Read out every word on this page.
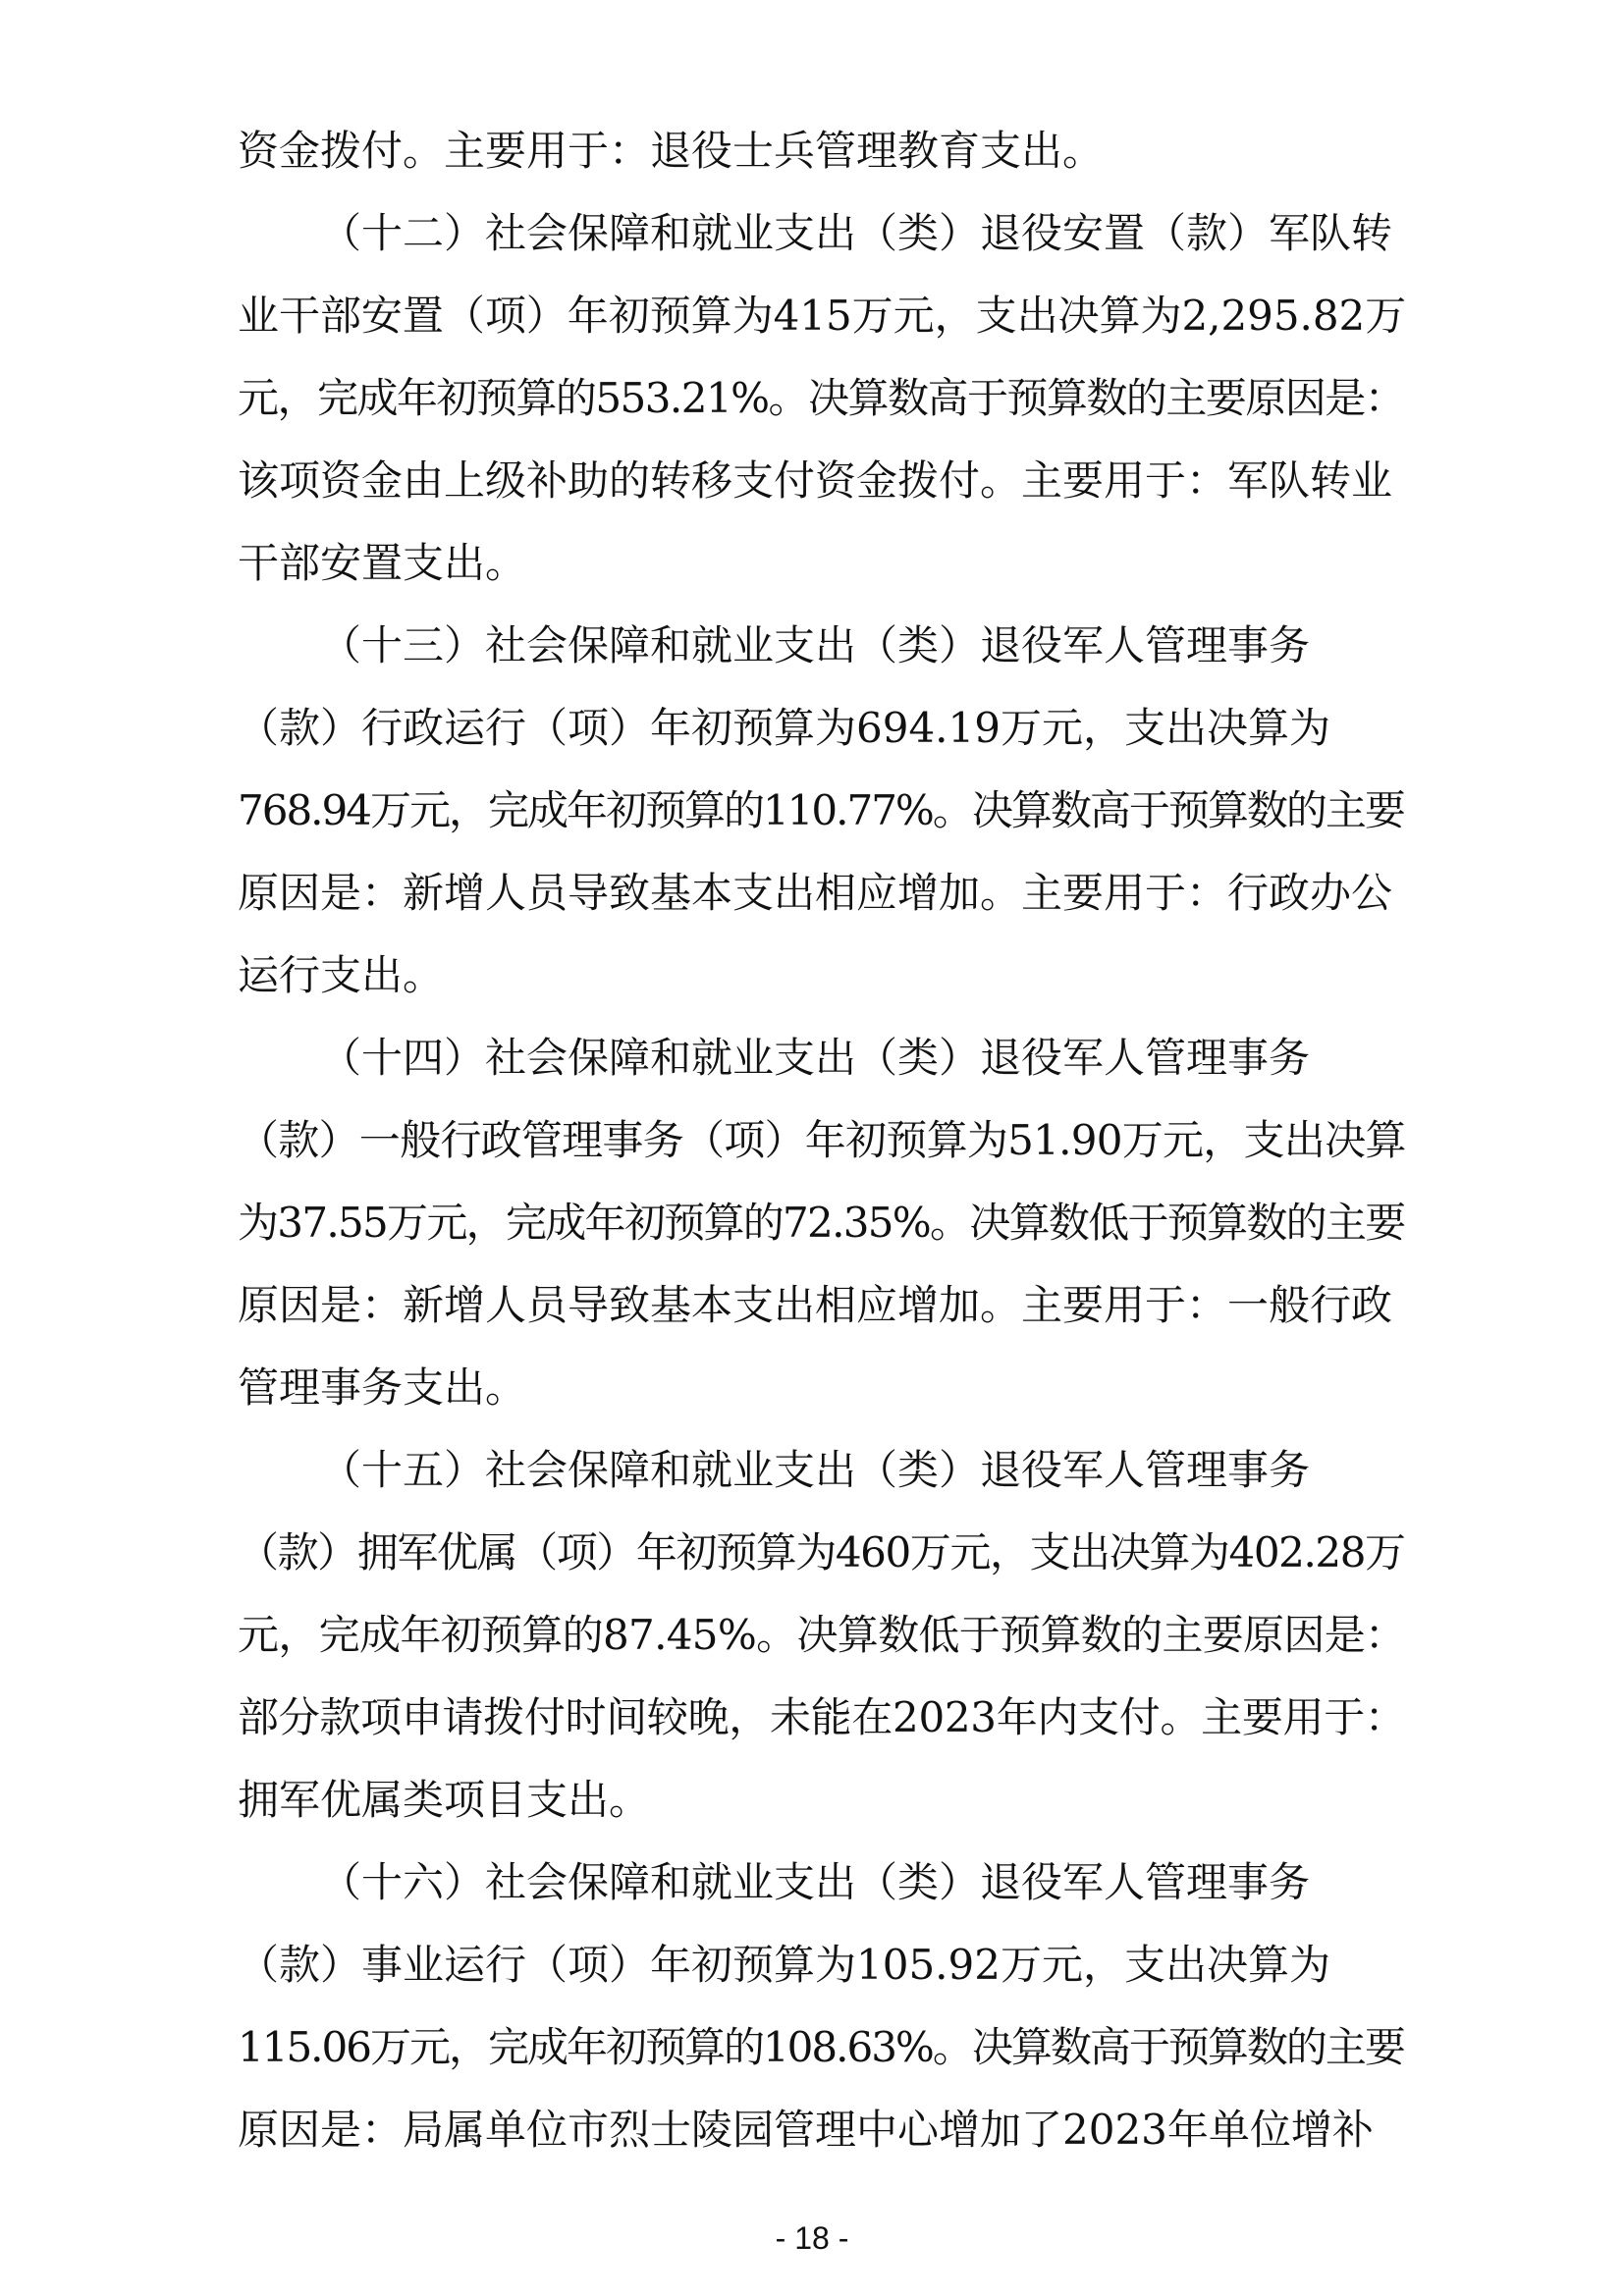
资金拨付。主要用于：退役士兵管理教育支出。
（十二）社会保障和就业支出（类）退役安置（款）军队转
业干部安置（项）年初预算为415万元，支出决算为2,295.82万
元，完成年初预算的553.21%。决算数高于预算数的主要原因是：
该项资金由上级补助的转移支付资金拨付。主要用于：军队转业
干部安置支出。
（十三）社会保障和就业支出（类）退役军人管理事务
（款）行政运行（项）年初预算为694.19万元，支出决算为
768.94万元，完成年初预算的110.77%。决算数高于预算数的主要
原因是：新增人员导致基本支出相应增加。主要用于：行政办公
运行支出。
（十四）社会保障和就业支出（类）退役军人管理事务
（款）一般行政管理事务（项）年初预算为51.90万元，支出决算
为37.55万元，完成年初预算的72.35%。决算数低于预算数的主要
原因是：新增人员导致基本支出相应增加。主要用于：一般行政
管理事务支出。
（十五）社会保障和就业支出（类）退役军人管理事务
（款）拥军优属（项）年初预算为460万元，支出决算为402.28万
元，完成年初预算的87.45%。决算数低于预算数的主要原因是：
部分款项申请拨付时间较晚，未能在2023年内支付。主要用于：
拥军优属类项目支出。
（十六）社会保障和就业支出（类）退役军人管理事务
（款）事业运行（项）年初预算为105.92万元，支出决算为
115.06万元，完成年初预算的108.63%。决算数高于预算数的主要
原因是：局属单位市烈士陵园管理中心增加了2023年单位增补
- 18 -
